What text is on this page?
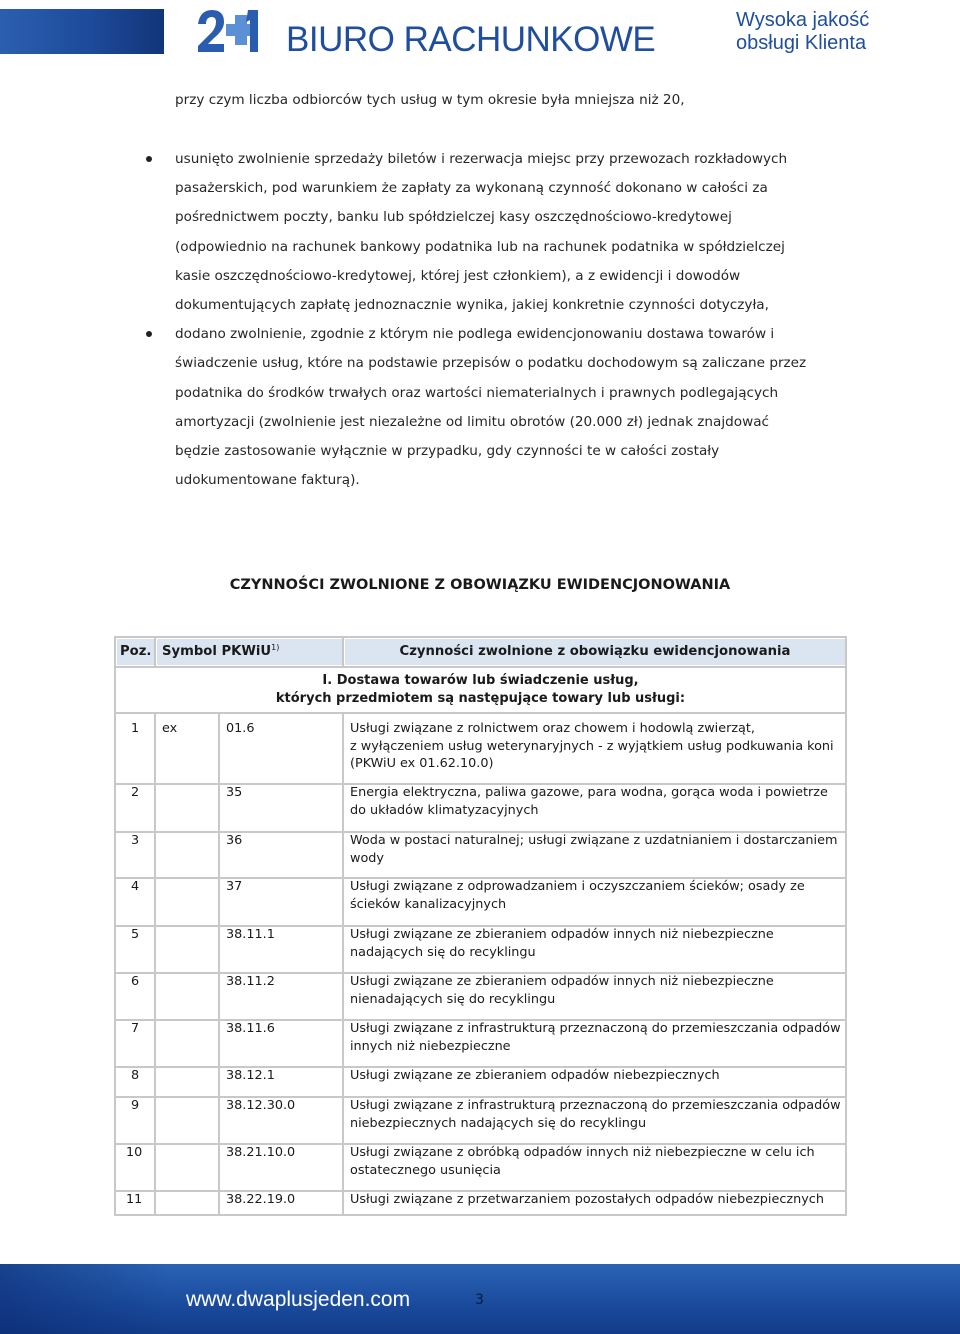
BIURO RACHUNKOWE	Wysoka jakość
obsługi Klienta
przy czym liczba odbiorców tych usług w tym okresie była mniejsza niż 20,
usunięto zwolnienie sprzedaży biletów i rezerwacja miejsc przy przewozach rozkładowych
pasażerskich, pod warunkiem że zapłaty za wykonaną czynność dokonano w całości za
pośrednictwem poczty, banku lub spółdzielczej kasy oszczędnościowo-kredytowej
(odpowiednio na rachunek bankowy podatnika lub na rachunek podatnika w spółdzielczej
kasie oszczędnościowo-kredytowej, której jest członkiem), a z ewidencji i dowodów
dokumentujących zapłatę jednoznacznie wynika, jakiej konkretnie czynności dotyczyła,
dodano zwolnienie, zgodnie z którym nie podlega ewidencjonowaniu dostawa towarów i
świadczenie usług, które na podstawie przepisów o podatku dochodowym są zaliczane przez
podatnika do środków trwałych oraz wartości niematerialnych i prawnych podlegających
amortyzacji (zwolnienie jest niezależne od limitu obrotów (20.000 zł) jednak znajdować
będzie zastosowanie wyłącznie w przypadku, gdy czynności te w całości zostały
udokumentowane fakturą).
CZYNNOŚCI ZWOLNIONE Z OBOWIĄZKU EWIDENCJONOWANIA
Poz. Symbol PKWiU$^{1)}$	Czynności zwolnione z obowiązku ewidencjonowania
I. Dostawa towarów lub świadczenie usług,
których przedmiotem są następujące towary lub usługi:
1 ex	01.6	Usługi związane z rolnictwem oraz chowem i hodowlą zwierząt,
z wyłączeniem usług weterynaryjnych - z wyjątkiem usług podkuwania koni
(PKWiU ex 01.62.10.0)
2	35	Energia elektryczna, paliwa gazowe, para wodna, gorąca woda i powietrze
do układów klimatyzacyjnych
3	36	Woda w postaci naturalnej; usługi związane z uzdatnianiem i dostarczaniem
wody
4	37	Usługi związane z odprowadzaniem i oczyszczaniem ścieków; osady ze
ścieków kanalizacyjnych
5	38.11.1	Usługi związane ze zbieraniem odpadów innych niż niebezpieczne
nadających się do recyklingu
6	38.11.2	Usługi związane ze zbieraniem odpadów innych niż niebezpieczne
nienadających się do recyklingu
7	38.11.6	Usługi związane z infrastrukturą przeznaczoną do przemieszczania odpadów
innych niż niebezpieczne
8	38.12.1	Usługi związane ze zbieraniem odpadów niebezpiecznych
9	38.12.30.0	Usługi związane z infrastrukturą przeznaczoną do przemieszczania odpadów
niebezpiecznych nadających się do recyklingu
10	38.21.10.0	Usługi związane z obróbką odpadów innych niż niebezpieczne w celu ich
ostatecznego usunięcia
11	38.22.19.0	Usługi związane z przetwarzaniem pozostałych odpadów niebezpiecznych
www.dwaplusjeden.com	3
